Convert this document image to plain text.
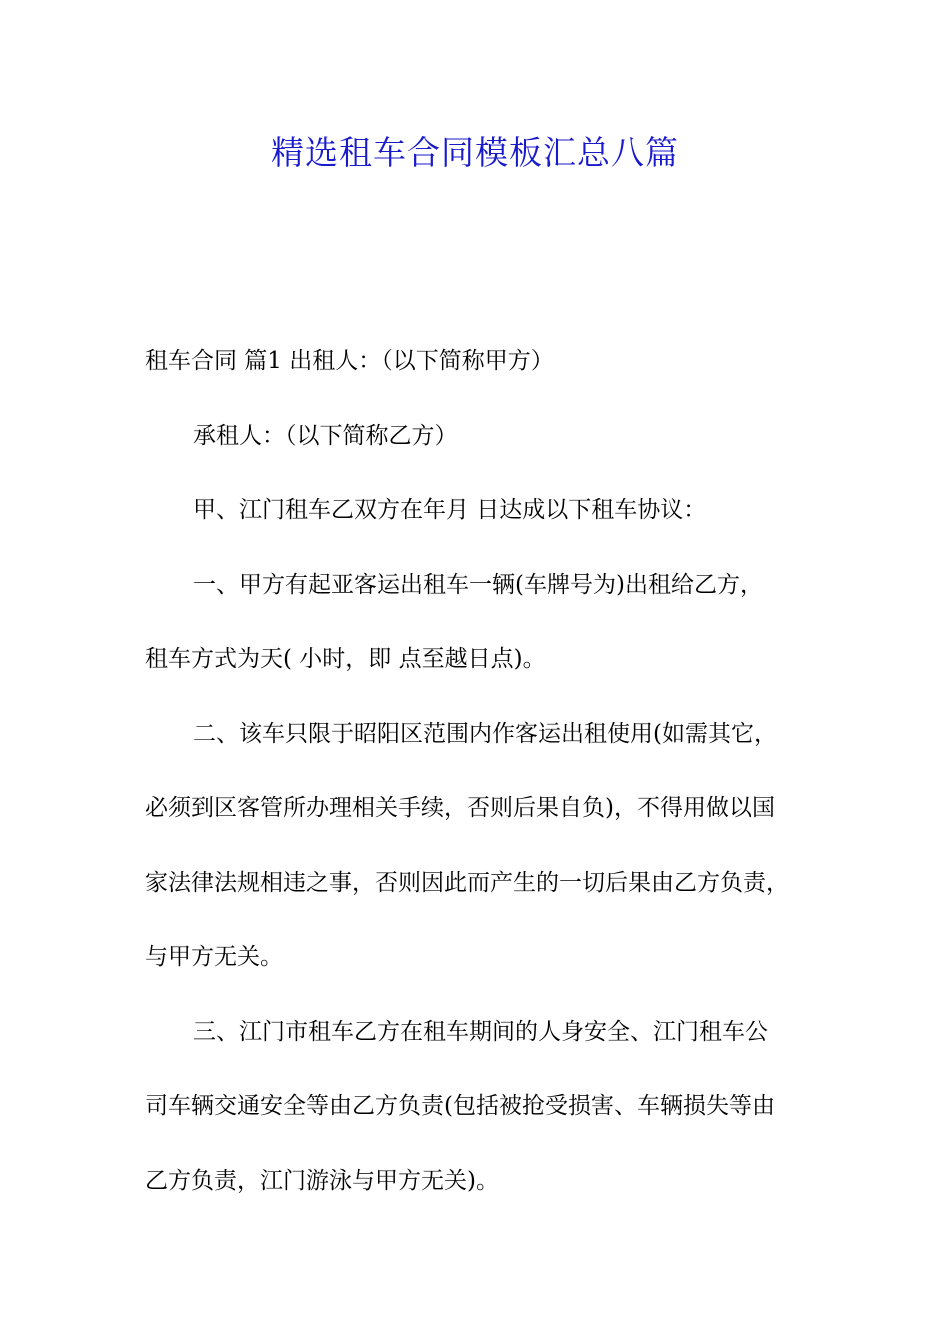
精选租车合同模板汇总八篇
租车合同 篇1 出租人：（以下简称甲方）
承租人：（以下简称乙方）
甲、江门租车乙双方在年月 日达成以下租车协议：
一、甲方有起亚客运出租车一辆(车牌号为)出租给乙方，
租车方式为天( 小时，即 点至越日点)。
二、该车只限于昭阳区范围内作客运出租使用(如需其它，
必须到区客管所办理相关手续，否则后果自负)，不得用做以国
家法律法规相违之事，否则因此而产生的一切后果由乙方负责，
与甲方无关。
三、江门市租车乙方在租车期间的人身安全、江门租车公
司车辆交通安全等由乙方负责(包括被抢受损害、车辆损失等由
乙方负责，江门游泳与甲方无关)。
